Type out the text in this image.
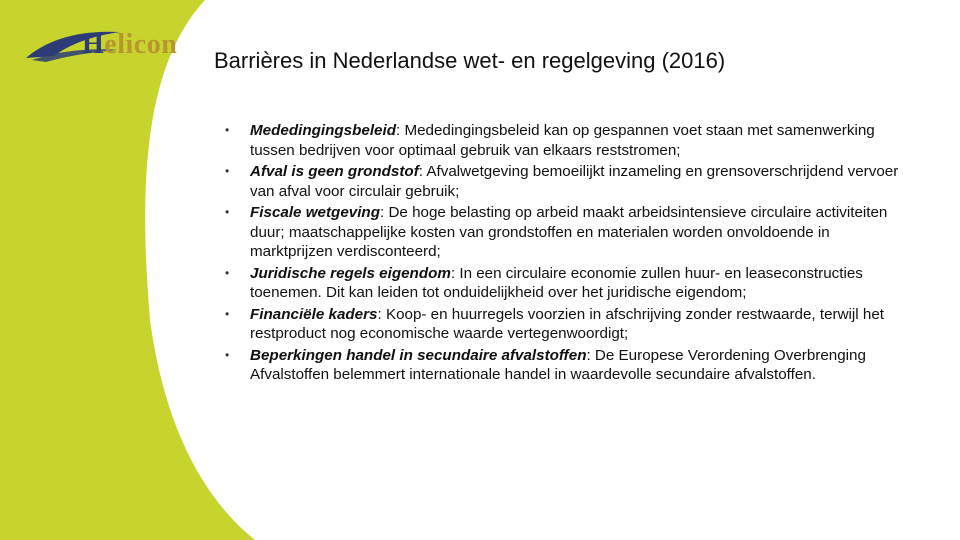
Helicon
Barrières in Nederlandse wet- en regelgeving (2016)
• Mededingingsbeleid: Mededingingsbeleid kan op gespannen voet staan met samenwerking tussen bedrijven voor optimaal gebruik van elkaars reststromen;
• Afval is geen grondstof: Afvalwetgeving bemoeilijkt inzameling en grensoverschrijdend vervoer van afval voor circulair gebruik;
• Fiscale wetgeving: De hoge belasting op arbeid maakt arbeidsintensieve circulaire activiteiten duur; maatschappelijke kosten van grondstoffen en materialen worden onvoldoende in marktprijzen verdisconteerd;
• Juridische regels eigendom: In een circulaire economie zullen huur- en leaseconstructies toenemen. Dit kan leiden tot onduidelijkheid over het juridische eigendom;
• Financiële kaders: Koop- en huurregels voorzien in afschrijving zonder restwaarde, terwijl het restproduct nog economische waarde vertegenwoordigt;
• Beperkingen handel in secundaire afvalstoffen: De Europese Verordening Overbrenging Afvalstoffen belemmert internationale handel in waardevolle secundaire afvalstoffen.
